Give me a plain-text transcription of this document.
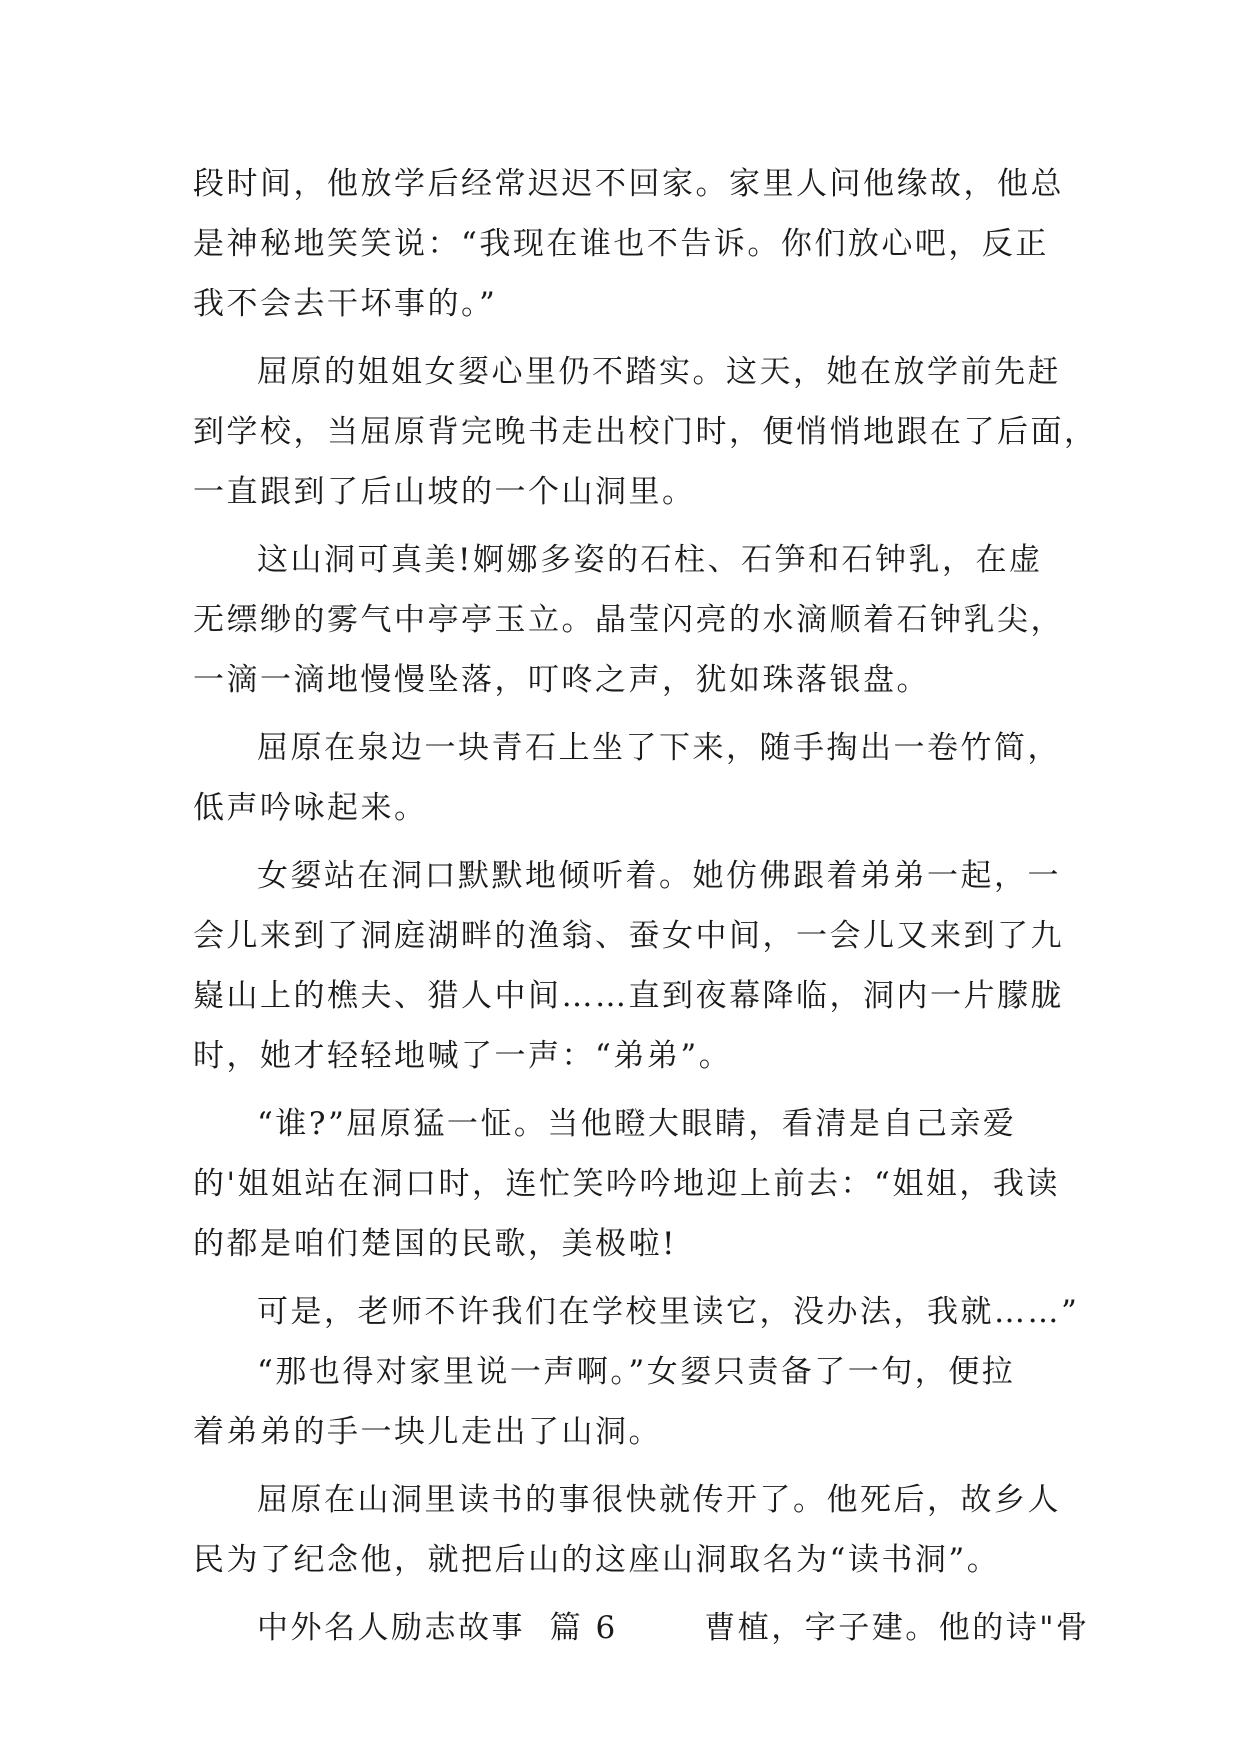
段时间，他放学后经常迟迟不回家。家里人问他缘故，他总
是神秘地笑笑说：“我现在谁也不告诉。你们放心吧，反正
我不会去干坏事的。”
屈原的姐姐女媭心里仍不踏实。这天，她在放学前先赶
到学校，当屈原背完晚书走出校门时，便悄悄地跟在了后面，
一直跟到了后山坡的一个山洞里。
这山洞可真美!婀娜多姿的石柱、石笋和石钟乳，在虚
无缥缈的雾气中亭亭玉立。晶莹闪亮的水滴顺着石钟乳尖，
一滴一滴地慢慢坠落，叮咚之声，犹如珠落银盘。
屈原在泉边一块青石上坐了下来，随手掏出一卷竹简，
低声吟咏起来。
女媭站在洞口默默地倾听着。她仿佛跟着弟弟一起，一
会儿来到了洞庭湖畔的渔翁、蚕女中间，一会儿又来到了九
嶷山上的樵夫、猎人中间……直到夜幕降临，洞内一片朦胧
时，她才轻轻地喊了一声：“弟弟”。
“谁?”屈原猛一怔。当他瞪大眼睛，看清是自己亲爱
的'姐姐站在洞口时，连忙笑吟吟地迎上前去：“姐姐，我读
的都是咱们楚国的民歌，美极啦!
可是，老师不许我们在学校里读它，没办法，我就……”
“那也得对家里说一声啊。”女媭只责备了一句，便拉
着弟弟的手一块儿走出了山洞。
屈原在山洞里读书的事很快就传开了。他死后，故乡人
民为了纪念他，就把后山的这座山洞取名为“读书洞”。
中外名人励志故事  篇 6       曹植，字子建。他的诗"骨
